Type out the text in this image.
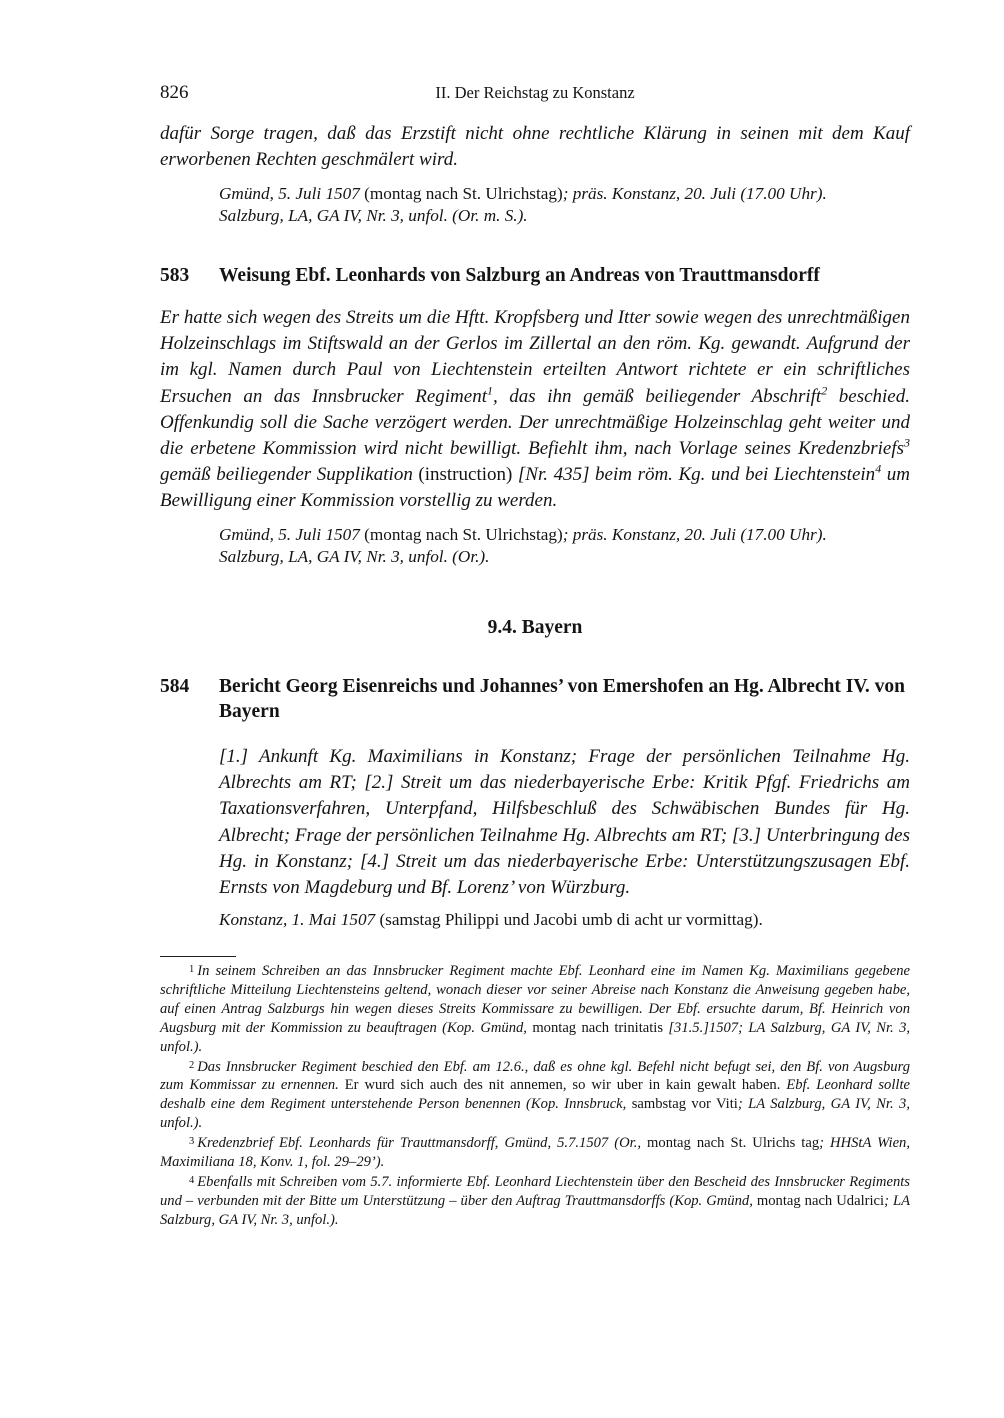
826	II. Der Reichstag zu Konstanz
dafür Sorge tragen, daß das Erzstift nicht ohne rechtliche Klärung in seinen mit dem Kauf erworbenen Rechten geschmälert wird.
Gmünd, 5. Juli 1507 (montag nach St. Ulrichstag); präs. Konstanz, 20. Juli (17.00 Uhr).
Salzburg, LA, GA IV, Nr. 3, unfol. (Or. m. S.).
583 Weisung Ebf. Leonhards von Salzburg an Andreas von Trauttmansdorff
Er hatte sich wegen des Streits um die Hftt. Kropfsberg und Itter sowie wegen des unrechtmäßigen Holzeinschlags im Stiftswald an der Gerlos im Zillertal an den röm. Kg. gewandt. Aufgrund der im kgl. Namen durch Paul von Liechtenstein erteilten Antwort richtete er ein schriftliches Ersuchen an das Innsbrucker Regiment$^1$, das ihn gemäß beiliegender Abschrift$^2$ beschied. Offenkundig soll die Sache verzögert werden. Der unrechtmäßige Holzeinschlag geht weiter und die erbetene Kommission wird nicht bewilligt. Befiehlt ihm, nach Vorlage seines Kredenzbriefs$^3$ gemäß beiliegender Supplikation (instruction) [Nr. 435] beim röm. Kg. und bei Liechtenstein$^4$ um Bewilligung einer Kommission vorstellig zu werden.
Gmünd, 5. Juli 1507 (montag nach St. Ulrichstag); präs. Konstanz, 20. Juli (17.00 Uhr).
Salzburg, LA, GA IV, Nr. 3, unfol. (Or.).
9.4. Bayern
584 Bericht Georg Eisenreichs und Johannes’ von Emershofen an Hg. Albrecht IV. von Bayern
[1.] Ankunft Kg. Maximilians in Konstanz; Frage der persönlichen Teilnahme Hg. Albrechts am RT; [2.] Streit um das niederbayerische Erbe: Kritik Pfgf. Friedrichs am Taxationsverfahren, Unterpfand, Hilfsbeschluß des Schwäbischen Bundes für Hg. Albrecht; Frage der persönlichen Teilnahme Hg. Albrechts am RT; [3.] Unterbringung des Hg. in Konstanz; [4.] Streit um das niederbayerische Erbe: Unterstützungszusagen Ebf. Ernsts von Magdeburg und Bf. Lorenz’ von Würzburg.
Konstanz, 1. Mai 1507 (samstag Philippi und Jacobi umb di acht ur vormittag).

$^1$ In seinem Schreiben an das Innsbrucker Regiment machte Ebf. Leonhard eine im Namen Kg. Maximilians gegebene schriftliche Mitteilung Liechtensteins geltend, wonach dieser vor seiner Abreise nach Konstanz die Anweisung gegeben habe, auf einen Antrag Salzburgs hin wegen dieses Streits Kommissare zu bewilligen. Der Ebf. ersuchte darum, Bf. Heinrich von Augsburg mit der Kommission zu beauftragen (Kop. Gmünd, montag nach trinitatis [31.5.]1507; LA Salzburg, GA IV, Nr. 3, unfol.).

$^2$ Das Innsbrucker Regiment beschied den Ebf. am 12.6., daß es ohne kgl. Befehl nicht befugt sei, den Bf. von Augsburg zum Kommissar zu ernennen. Er wurd sich auch des nit annemen, so wir uber in kain gewalt haben. Ebf. Leonhard sollte deshalb eine dem Regiment unterstehende Person benennen (Kop. Innsbruck, sambstag vor Viti; LA Salzburg, GA IV, Nr. 3, unfol.).

$^3$ Kredenzbrief Ebf. Leonhards für Trauttmansdorff, Gmünd, 5.7.1507 (Or., montag nach St. Ulrichs tag; HHStA Wien, Maximiliana 18, Konv. 1, fol. 29–29’).

$^4$ Ebenfalls mit Schreiben vom 5.7. informierte Ebf. Leonhard Liechtenstein über den Bescheid des Innsbrucker Regiments und – verbunden mit der Bitte um Unterstützung – über den Auftrag Trauttmansdorffs (Kop. Gmünd, montag nach Udalrici; LA Salzburg, GA IV, Nr. 3, unfol.).
